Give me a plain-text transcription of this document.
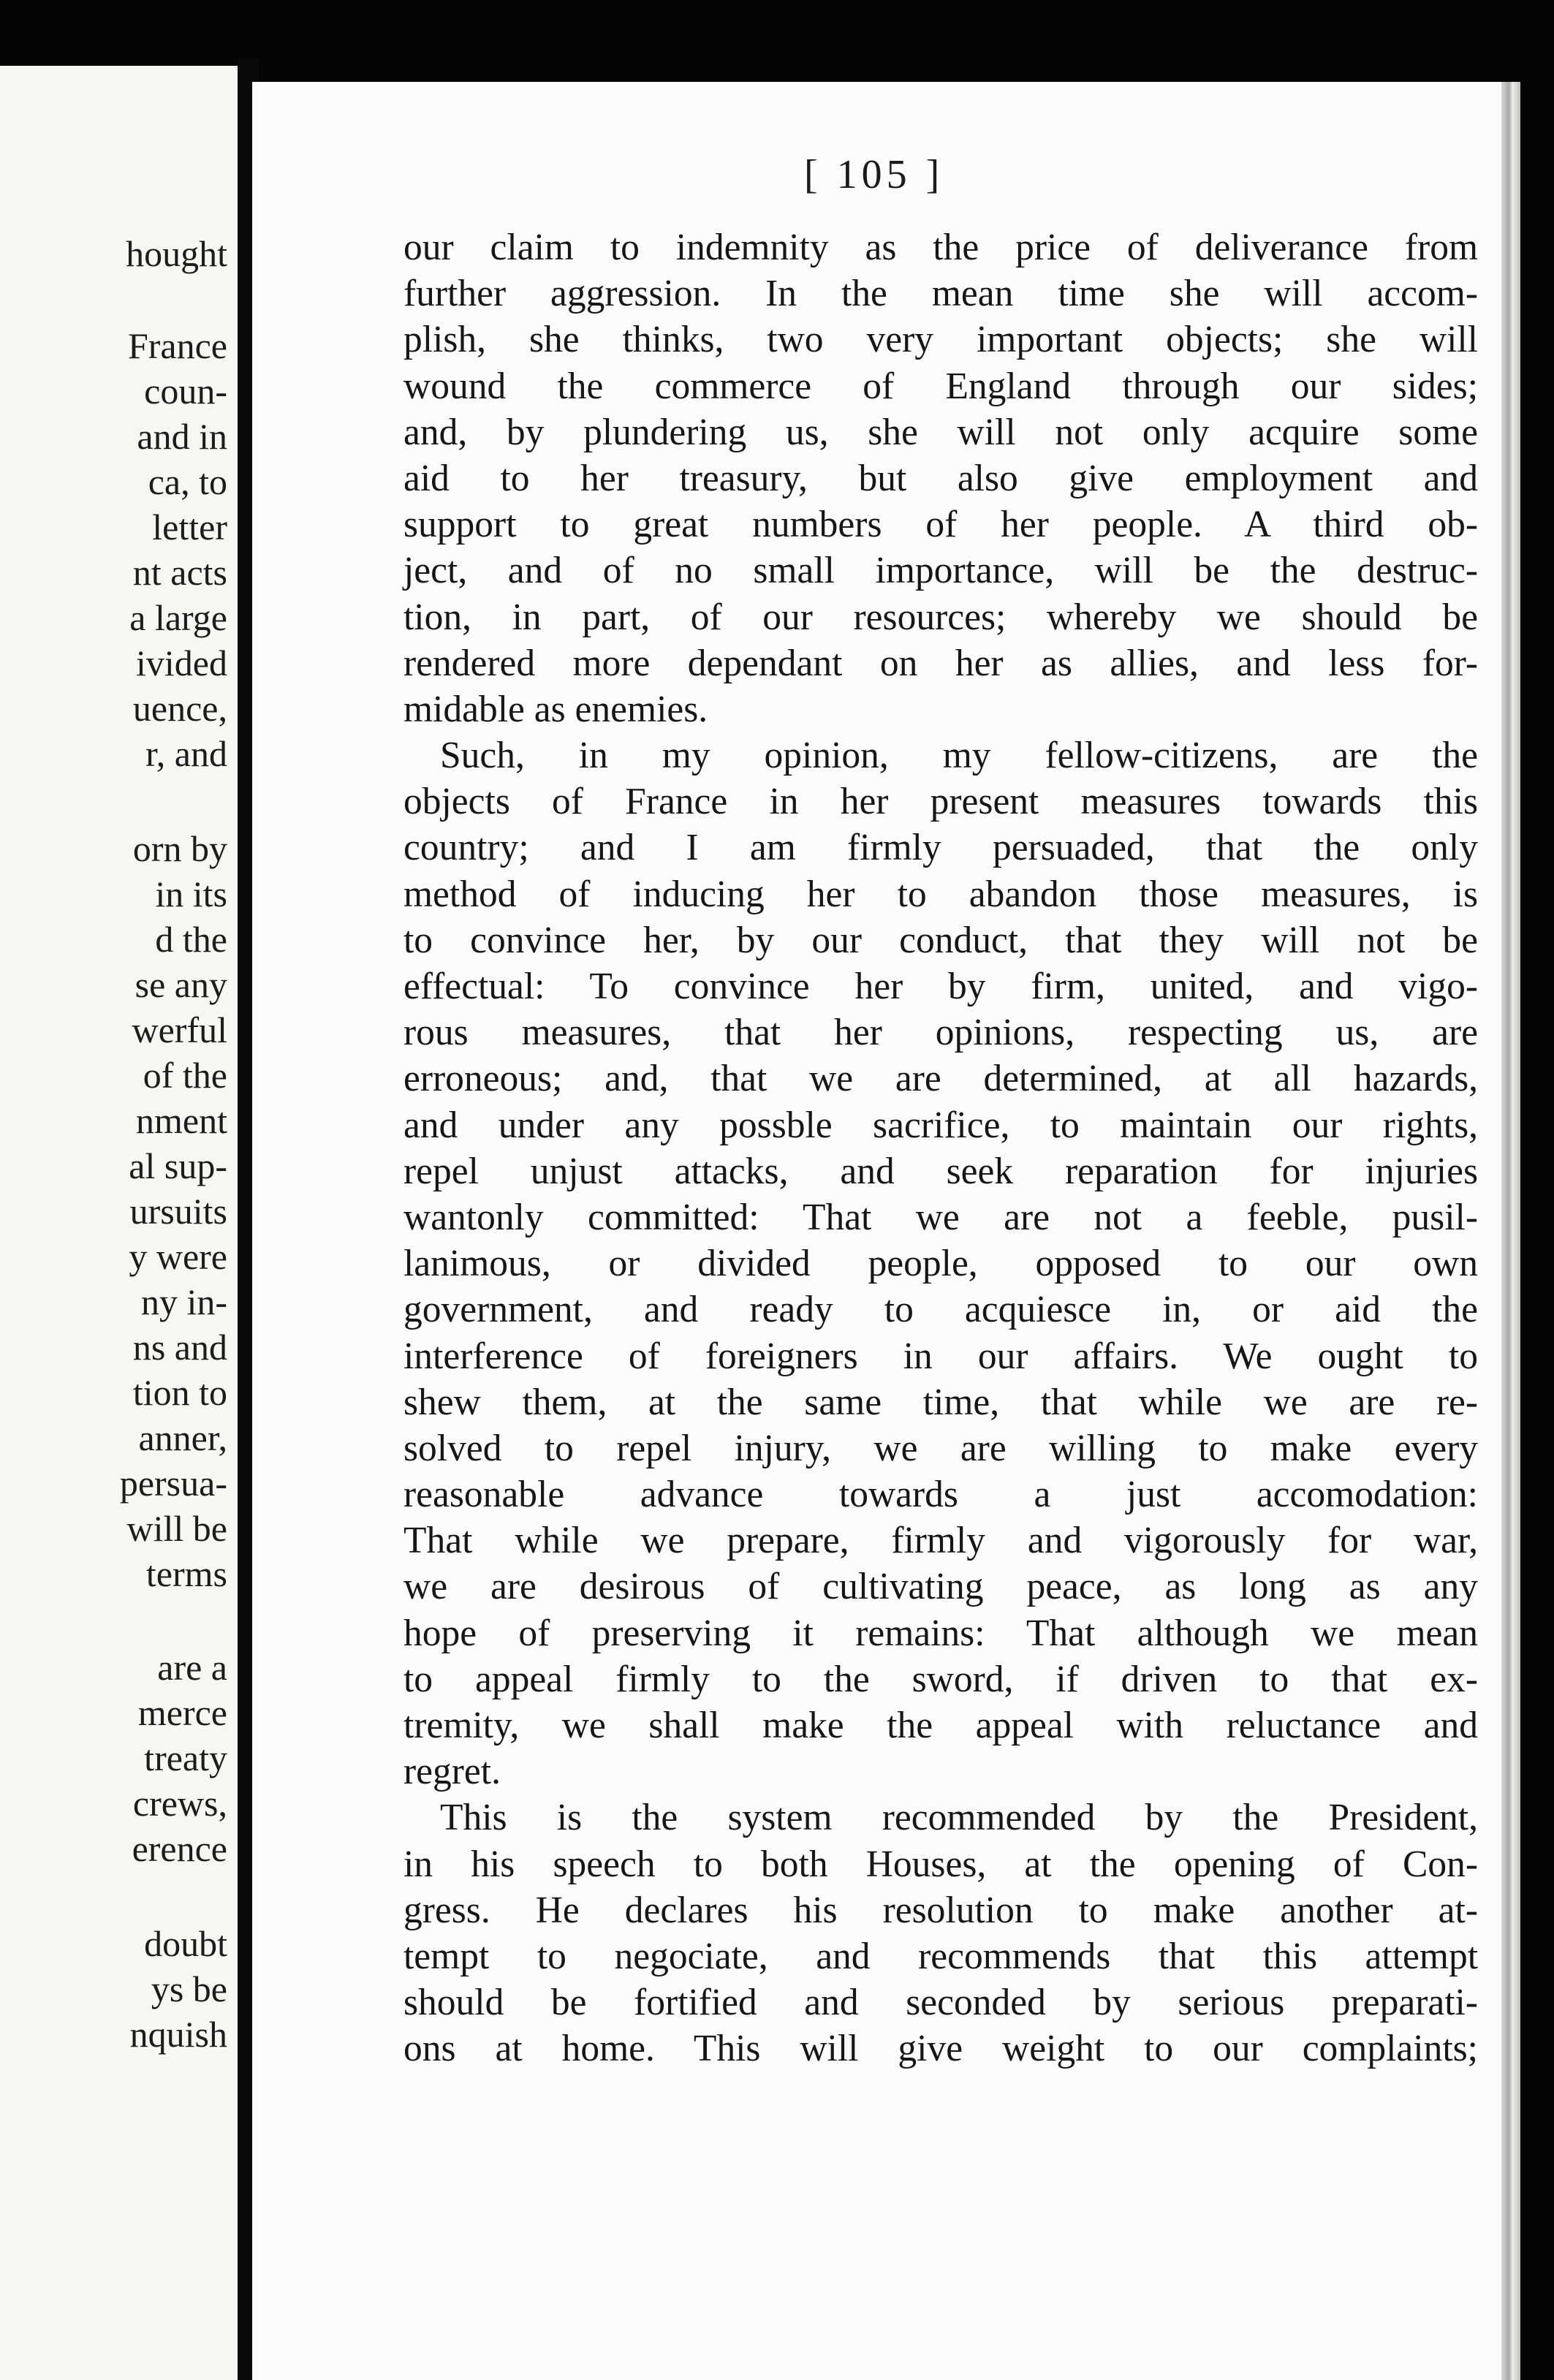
hought
France
coun-
and in
ca, to
letter
nt acts
a large
ivided
uence,
r, and
orn by
in its
d the
se any
werful
of the
nment
al sup-
ursuits
y were
ny in-
ns and
tion to
anner,
persua-
will be
terms
are a
merce
treaty
crews,
erence
doubt
ys be
nquish
[ 105 ]
our claim to indemnity as the price of deliverance from
further aggression. In the mean time she will accom-
plish, she thinks, two very important objects; she will
wound the commerce of England through our sides;
and, by plundering us, she will not only acquire some
aid to her treasury, but also give employment and
support to great numbers of her people. A third ob-
ject, and of no small importance, will be the destruc-
tion, in part, of our resources; whereby we should be
rendered more dependant on her as allies, and less for-
midable as enemies.
Such, in my opinion, my fellow-citizens, are the
objects of France in her present measures towards this
country; and I am firmly persuaded, that the only
method of inducing her to abandon those measures, is
to convince her, by our conduct, that they will not be
effectual: To convince her by firm, united, and vigo-
rous measures, that her opinions, respecting us, are
erroneous; and, that we are determined, at all hazards,
and under any possble sacrifice, to maintain our rights,
repel unjust attacks, and seek reparation for injuries
wantonly committed: That we are not a feeble, pusil-
lanimous, or divided people, opposed to our own
government, and ready to acquiesce in, or aid the
interference of foreigners in our affairs. We ought to
shew them, at the same time, that while we are re-
solved to repel injury, we are willing to make every
reasonable advance towards a just accomodation:
That while we prepare, firmly and vigorously for war,
we are desirous of cultivating peace, as long as any
hope of preserving it remains: That although we mean
to appeal firmly to the sword, if driven to that ex-
tremity, we shall make the appeal with reluctance and
regret.
This is the system recommended by the President,
in his speech to both Houses, at the opening of Con-
gress. He declares his resolution to make another at-
tempt to negociate, and recommends that this attempt
should be fortified and seconded by serious preparati-
ons at home. This will give weight to our complaints;
